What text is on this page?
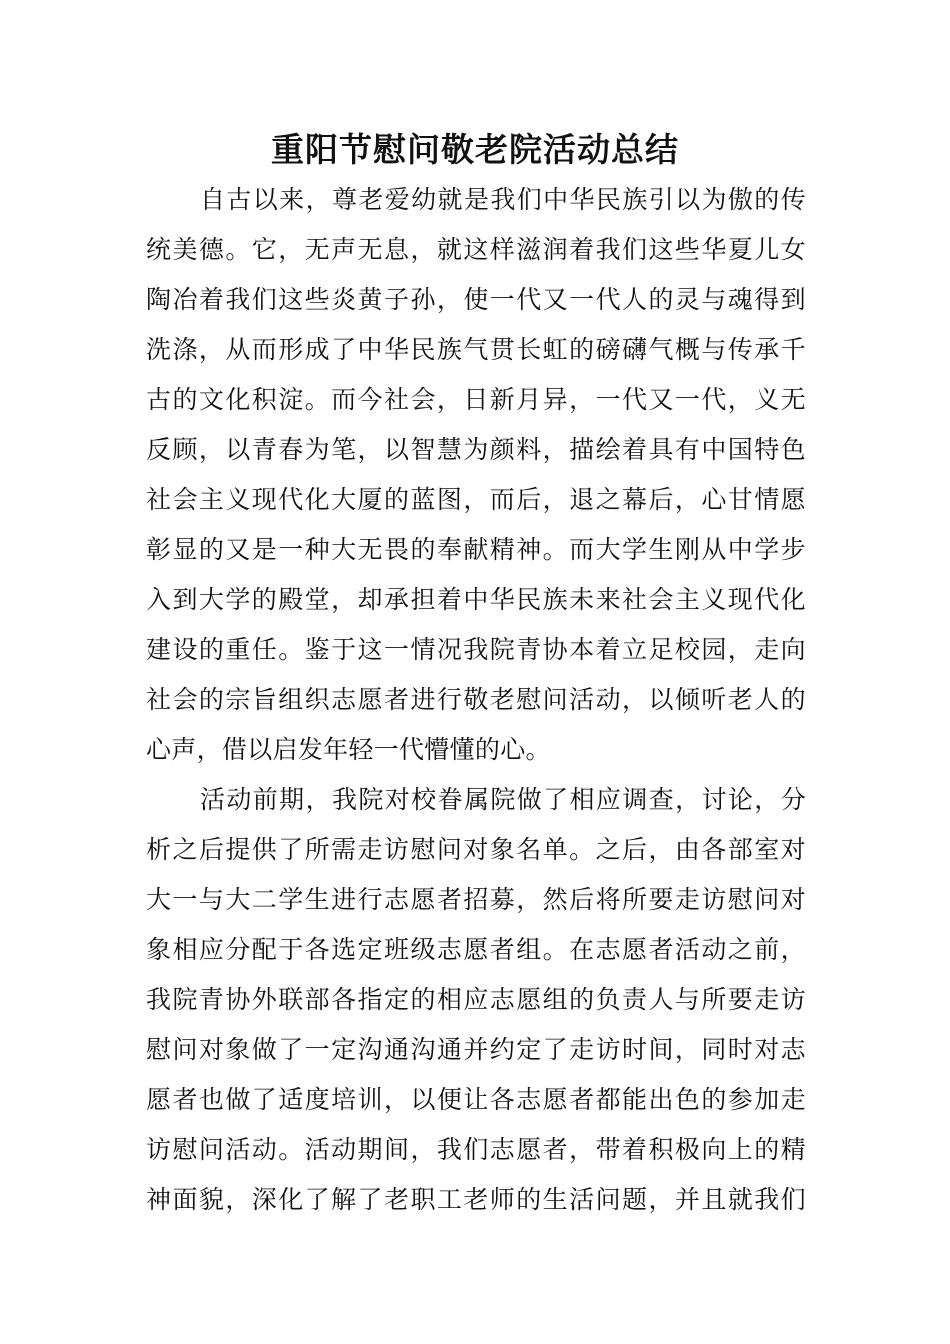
重阳节慰问敬老院活动总结

自古以来，尊老爱幼就是我们中华民族引以为傲的传
统美德。它，无声无息，就这样滋润着我们这些华夏儿女
陶冶着我们这些炎黄子孙，使一代又一代人的灵与魂得到
洗涤，从而形成了中华民族气贯长虹的磅礴气概与传承千
古的文化积淀。而今社会，日新月异，一代又一代，义无
反顾，以青春为笔，以智慧为颜料，描绘着具有中国特色
社会主义现代化大厦的蓝图，而后，退之幕后，心甘情愿
彰显的又是一种大无畏的奉献精神。而大学生刚从中学步
入到大学的殿堂，却承担着中华民族未来社会主义现代化
建设的重任。鉴于这一情况我院青协本着立足校园，走向
社会的宗旨组织志愿者进行敬老慰问活动，以倾听老人的
心声，借以启发年轻一代懵懂的心。

活动前期，我院对校眷属院做了相应调查，讨论，分
析之后提供了所需走访慰问对象名单。之后，由各部室对
大一与大二学生进行志愿者招募，然后将所要走访慰问对
象相应分配于各选定班级志愿者组。在志愿者活动之前，
我院青协外联部各指定的相应志愿组的负责人与所要走访
慰问对象做了一定沟通沟通并约定了走访时间，同时对志
愿者也做了适度培训，以便让各志愿者都能出色的参加走
访慰问活动。活动期间，我们志愿者，带着积极向上的精
神面貌，深化了解了老职工老师的生活问题，并且就我们
